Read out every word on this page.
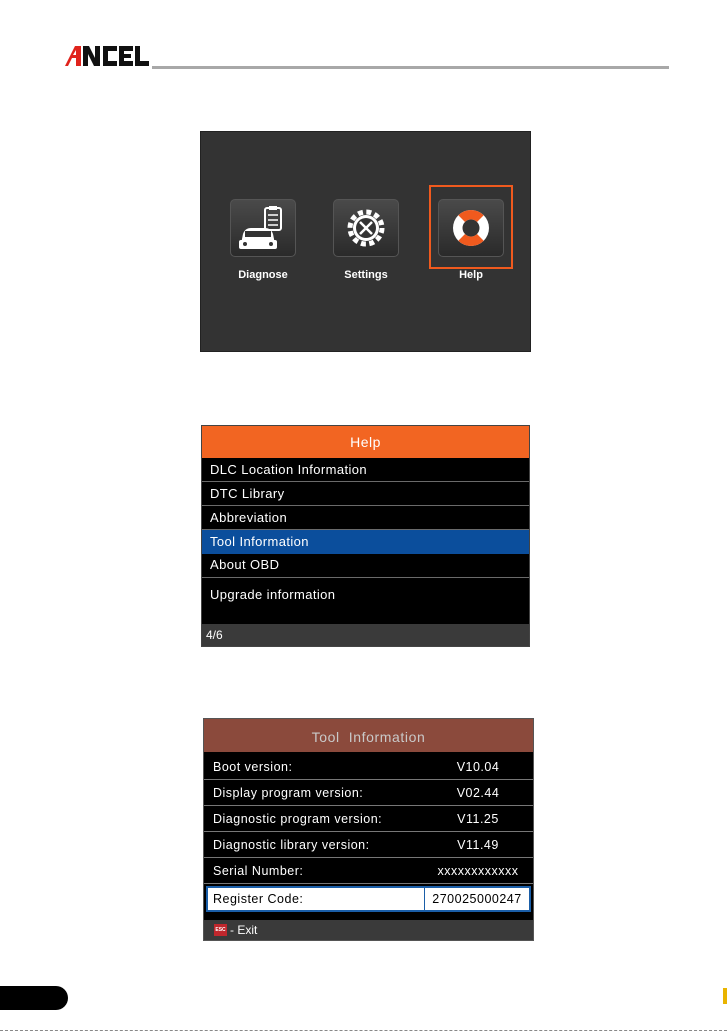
Diagnose	Settings	Help
Help
DLC Location Information
DTC Library
Abbreviation
Tool Information
About OBD
Upgrade information
4/6
Tool  Information
Boot version:	V10.04
Display program version:	V02.44
Diagnostic program version:	V11.25
Diagnostic library version:	V11.49
Serial Number:	xxxxxxxxxxxx
Register Code:	270025000247
ESC - Exit
